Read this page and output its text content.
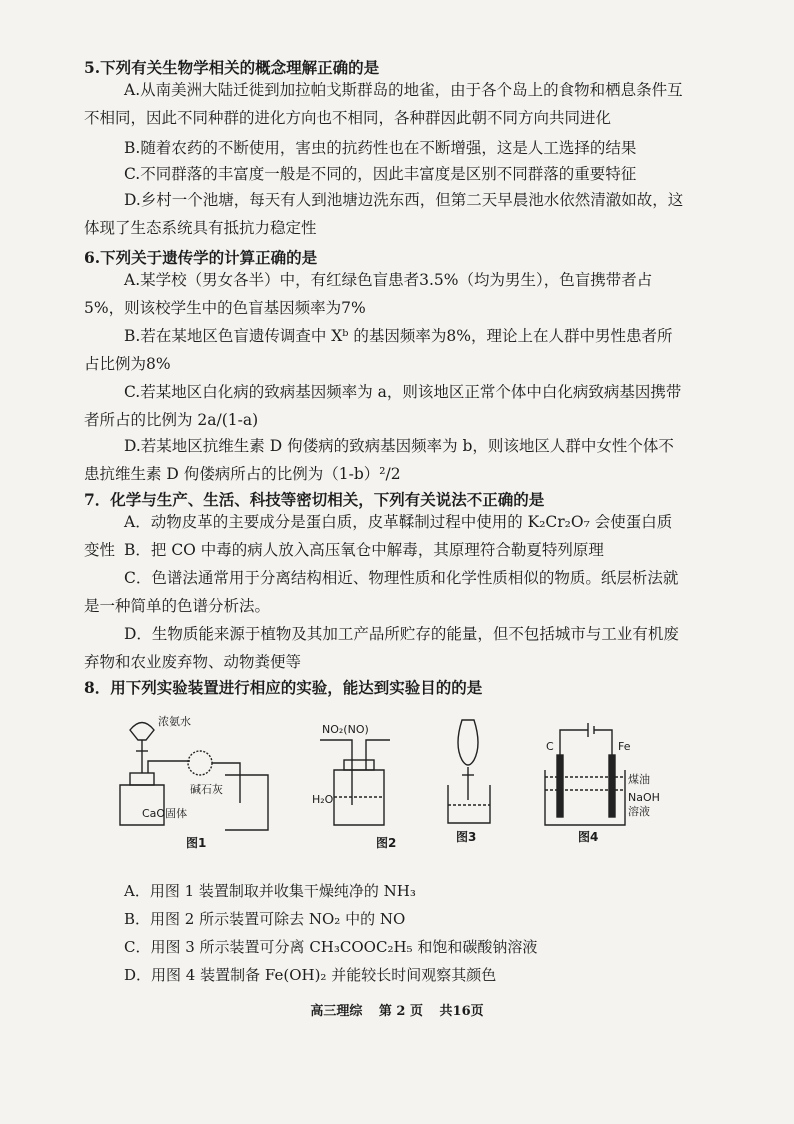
5.下列有关生物学相关的概念理解正确的是

A.从南美洲大陆迁徙到加拉帕戈斯群岛的地雀，由于各个岛上的食物和栖息条件互不相同，因此不同种群的进化方向也不相同，各种群因此朝不同方向共同进化

B.随着农药的不断使用，害虫的抗药性也在不断增强，这是人工选择的结果

C.不同群落的丰富度一般是不同的，因此丰富度是区别不同群落的重要特征

D.乡村一个池塘，每天有人到池塘边洗东西，但第二天早晨池水依然清澈如故，这体现了生态系统具有抵抗力稳定性

6.下列关于遗传学的计算正确的是

A.某学校（男女各半）中，有红绿色盲患者3.5%（均为男生），色盲携带者占5%，则该校学生中的色盲基因频率为7%

B.若在某地区色盲遗传调查中 Xᵇ 的基因频率为8%，理论上在人群中男性患者所占比例为8%

C.若某地区白化病的致病基因频率为 a，则该地区正常个体中白化病致病基因携带者所占的比例为 2a/(1-a)

D.若某地区抗维生素 D 佝偻病的致病基因频率为 b，则该地区人群中女性个体不患抗维生素 D 佝偻病所占的比例为（1-b）²/2

7．化学与生产、生活、科技等密切相关，下列有关说法不正确的是

A．动物皮革的主要成分是蛋白质，皮革鞣制过程中使用的 K₂Cr₂O₇ 会使蛋白质变性 B．把 CO 中毒的病人放入高压氧仓中解毒，其原理符合勒夏特列原理

C．色谱法通常用于分离结构相近、物理性质和化学性质相似的物质。纸层析法就是一种简单的色谱分析法。

D．生物质能来源于植物及其加工产品所贮存的能量，但不包括城市与工业有机废弃物和农业废弃物、动物粪便等

8．用下列实验装置进行相应的实验，能达到实验目的的是

浓氨水
碱石灰
CaO固体
NO₂(NO)
H₂O
C	Fe
煤油
NaOH
溶液
图1	图2	图3	图4

A．用图 1 装置制取并收集干燥纯净的 NH₃

B．用图 2 所示装置可除去 NO₂ 中的 NO

C．用图 3 所示装置可分离 CH₃COOC₂H₅ 和饱和碳酸钠溶液

D．用图 4 装置制备 Fe(OH)₂ 并能较长时间观察其颜色

高三理综 第 2 页 共16页
